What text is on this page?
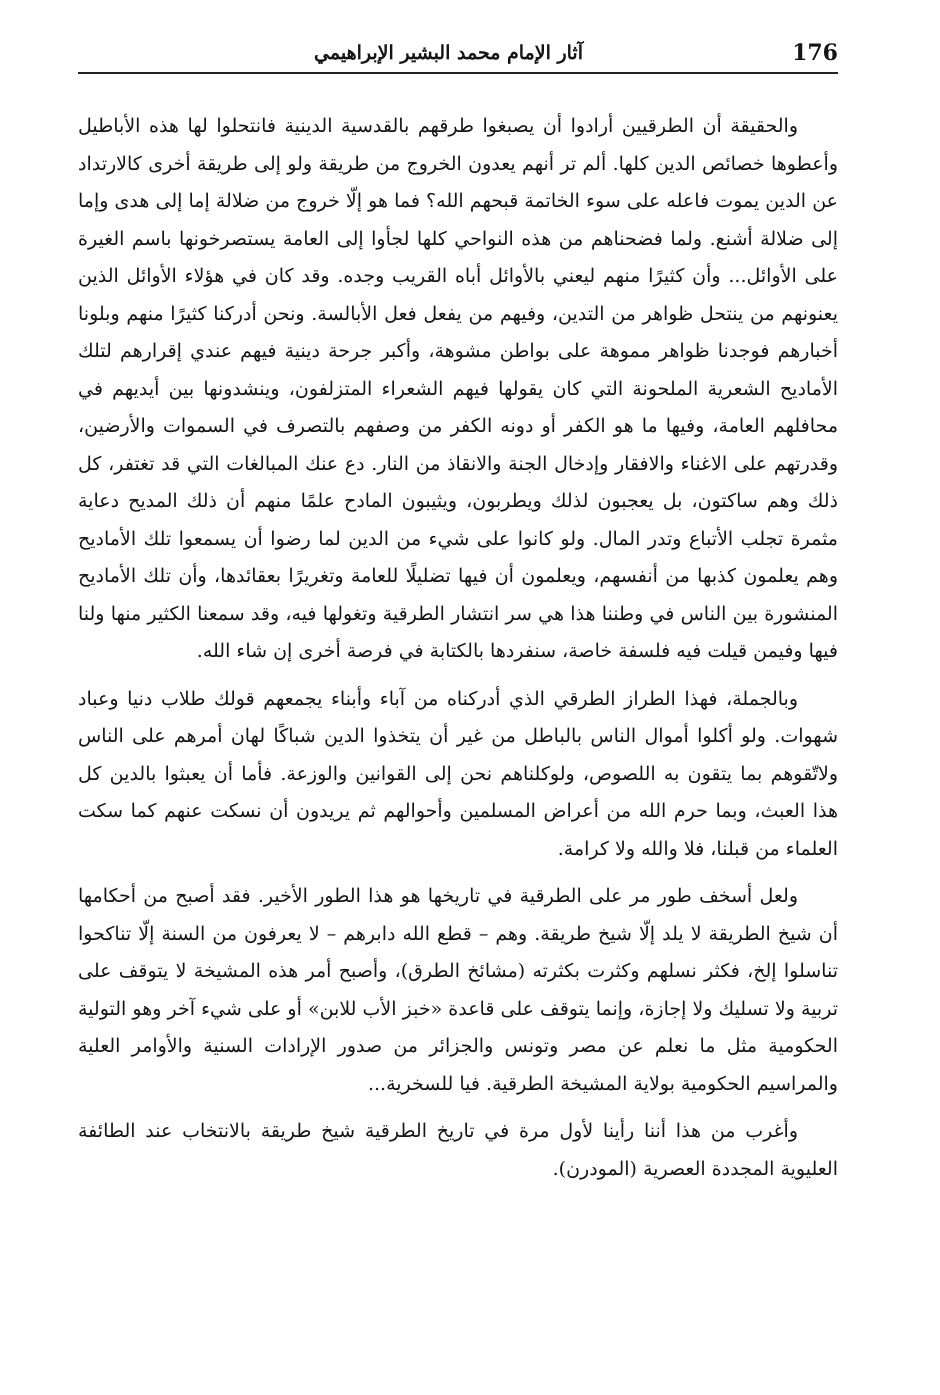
176
آثار الإمام محمد البشير الإبراهيمي

والحقيقة أن الطرقيين أرادوا أن يصبغوا طرقهم بالقدسية الدينية فانتحلوا لها هذه الأباطيل وأعطوها خصائص الدين كلها. ألم تر أنهم يعدون الخروج من طريقة ولو إلى طريقة أخرى كالارتداد عن الدين يموت فاعله على سوء الخاتمة قبحهم الله؟ فما هو إلّا خروج من ضلالة إما إلى هدى وإما إلى ضلالة أشنع. ولما فضحناهم من هذه النواحي كلها لجأوا إلى العامة يستصرخونها باسم الغيرة على الأوائل... وأن كثيرًا منهم ليعني بالأوائل أباه القريب وجده. وقد كان في هؤلاء الأوائل الذين يعنونهم من ينتحل ظواهر من التدين، وفيهم من يفعل فعل الأبالسة. ونحن أدركنا كثيرًا منهم وبلونا أخبارهم فوجدنا ظواهر مموهة على بواطن مشوهة، وأكبر جرحة دينية فيهم عندي إقرارهم لتلك الأماديح الشعرية الملحونة التي كان يقولها فيهم الشعراء المتزلفون، وينشدونها بين أيديهم في محافلهم العامة، وفيها ما هو الكفر أو دونه الكفر من وصفهم بالتصرف في السموات والأرضين، وقدرتهم على الاغناء والافقار وإدخال الجنة والانقاذ من النار. دع عنك المبالغات التي قد تغتفر، كل ذلك وهم ساكتون، بل يعجبون لذلك ويطربون، ويثيبون المادح علمًا منهم أن ذلك المديح دعاية مثمرة تجلب الأتباع وتدر المال. ولو كانوا على شيء من الدين لما رضوا أن يسمعوا تلك الأماديح وهم يعلمون كذبها من أنفسهم، ويعلمون أن فيها تضليلًا للعامة وتغريرًا بعقائدها، وأن تلك الأماديح المنشورة بين الناس في وطننا هذا هي سر انتشار الطرقية وتغولها فيه، وقد سمعنا الكثير منها ولنا فيها وفيمن قيلت فيه فلسفة خاصة، سنفردها بالكتابة في فرصة أخرى إن شاء الله.

وبالجملة، فهذا الطراز الطرقي الذي أدركناه من آباء وأبناء يجمعهم قولك طلاب دنيا وعباد شهوات. ولو أكلوا أموال الناس بالباطل من غير أن يتخذوا الدين شباكًا لهان أمرهم على الناس ولاتّقوهم بما يتقون به اللصوص، ولوكلناهم نحن إلى القوانين والوزعة. فأما أن يعبثوا بالدين كل هذا العبث، وبما حرم الله من أعراض المسلمين وأحوالهم ثم يريدون أن نسكت عنهم كما سكت العلماء من قبلنا، فلا والله ولا كرامة.

ولعل أسخف طور مر على الطرقية في تاريخها هو هذا الطور الأخير. فقد أصبح من أحكامها أن شيخ الطريقة لا يلد إلّا شيخ طريقة. وهم – قطع الله دابرهم – لا يعرفون من السنة إلّا تناكحوا تناسلوا إلخ، فكثر نسلهم وكثرت بكثرته (مشائخ الطرق)، وأصبح أمر هذه المشيخة لا يتوقف على تربية ولا تسليك ولا إجازة، وإنما يتوقف على قاعدة «خبز الأب للابن» أو على شيء آخر وهو التولية الحكومية مثل ما نعلم عن مصر وتونس والجزائر من صدور الإرادات السنية والأوامر العلية والمراسيم الحكومية بولاية المشيخة الطرقية. فيا للسخرية...

وأغرب من هذا أننا رأينا لأول مرة في تاريخ الطرقية شيخ طريقة بالانتخاب عند الطائفة العليوية المجددة العصرية (المودرن).
